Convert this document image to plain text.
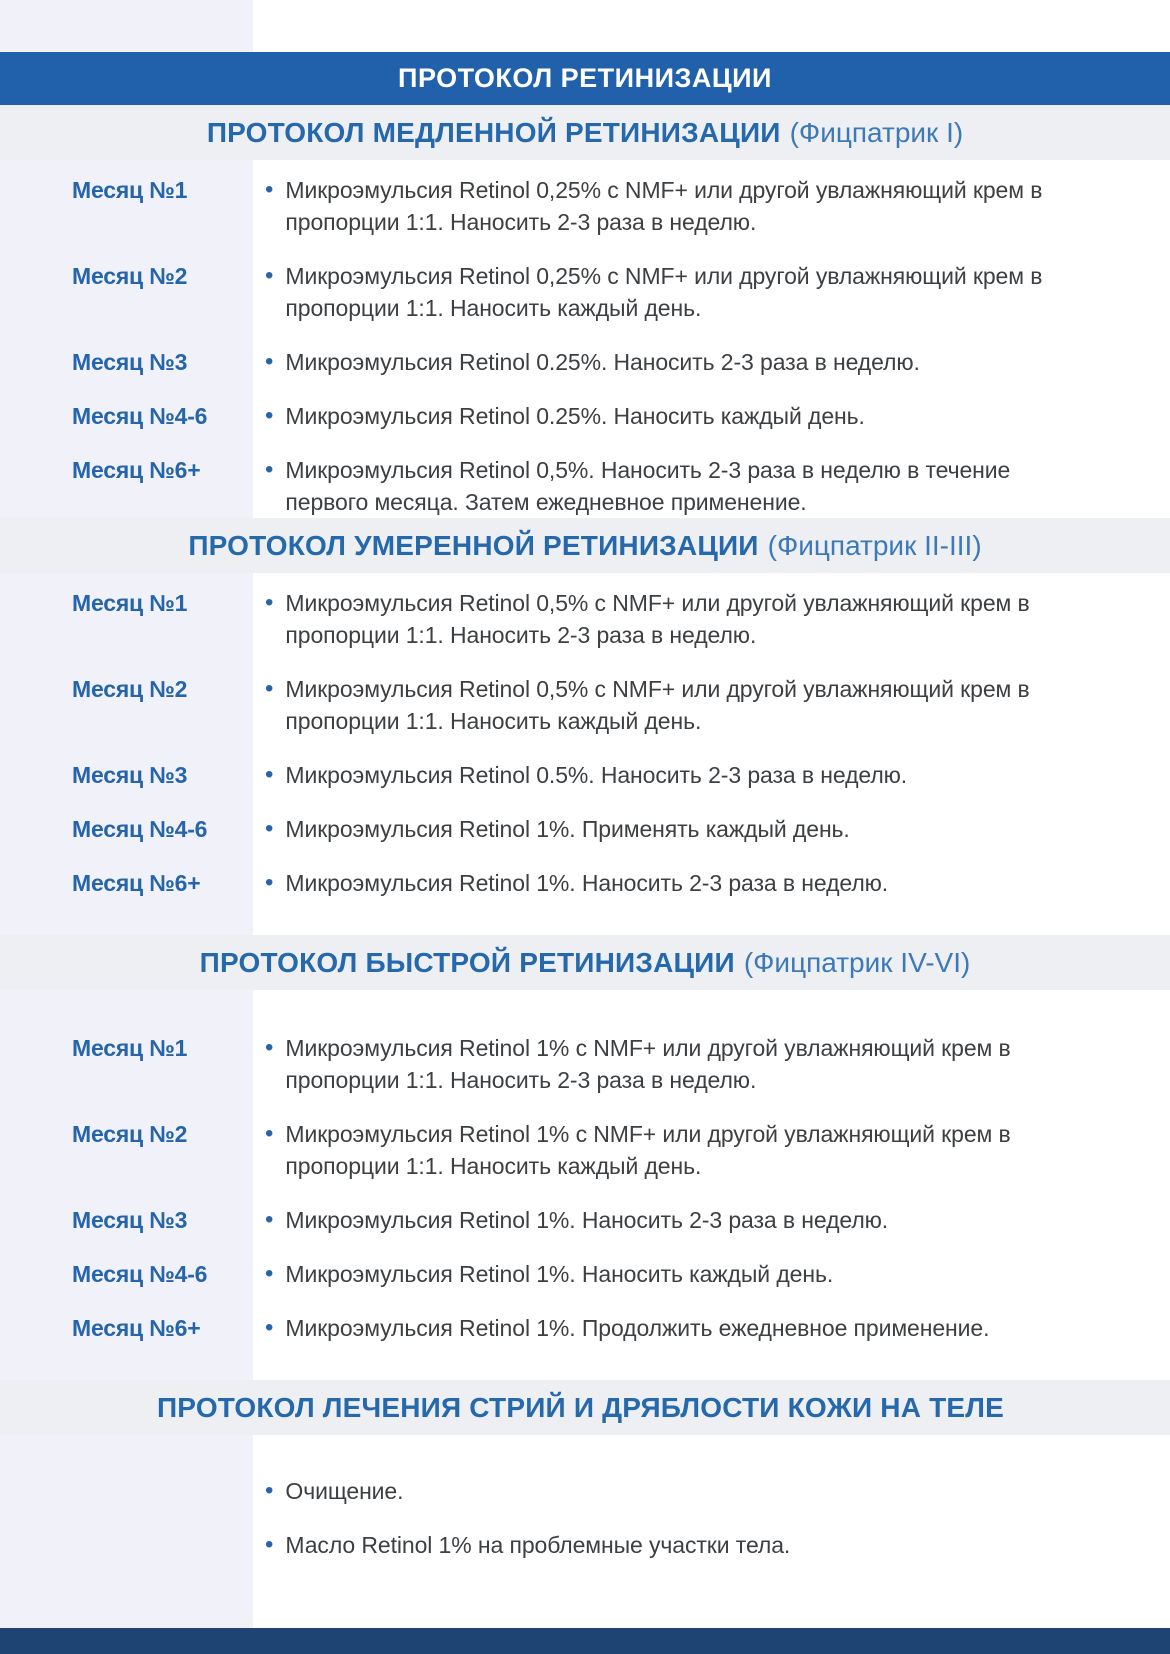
ПРОТОКОЛ РЕТИНИЗАЦИИ
ПРОТОКОЛ МЕДЛЕННОЙ РЕТИНИЗАЦИИ (Фицпатрик I)
Месяц №1	• Микроэмульсия Retinol 0,25% с NMF+ или другой увлажняющий крем в пропорции 1:1. Наносить 2-3 раза в неделю.

Месяц №2	• Микроэмульсия Retinol 0,25% с NMF+ или другой увлажняющий крем в пропорции 1:1. Наносить каждый день.

Месяц №3	• Микроэмульсия Retinol 0.25%. Наносить 2-3 раза в неделю.

Месяц №4-6	• Микроэмульсия Retinol 0.25%. Наносить каждый день.

Месяц №6+	• Микроэмульсия Retinol 0,5%. Наносить 2-3 раза в неделю в течение первого месяца. Затем ежедневное применение.

ПРОТОКОЛ УМЕРЕННОЙ РЕТИНИЗАЦИИ (Фицпатрик II-III)
Месяц №1	• Микроэмульсия Retinol 0,5% с NMF+ или другой увлажняющий крем в пропорции 1:1. Наносить 2-3 раза в неделю.

Месяц №2	• Микроэмульсия Retinol 0,5% с NMF+ или другой увлажняющий крем в пропорции 1:1. Наносить каждый день.

Месяц №3	• Микроэмульсия Retinol 0.5%. Наносить 2-3 раза в неделю.

Месяц №4-6	• Микроэмульсия Retinol 1%. Применять каждый день.

Месяц №6+	• Микроэмульсия Retinol 1%. Наносить 2-3 раза в неделю.

ПРОТОКОЛ БЫСТРОЙ РЕТИНИЗАЦИИ (Фицпатрик IV-VI)
Месяц №1	• Микроэмульсия Retinol 1% с NMF+ или другой увлажняющий крем в пропорции 1:1. Наносить 2-3 раза в неделю.

Месяц №2	• Микроэмульсия Retinol 1% с NMF+ или другой увлажняющий крем в пропорции 1:1. Наносить каждый день.

Месяц №3	• Микроэмульсия Retinol 1%. Наносить 2-3 раза в неделю.

Месяц №4-6	• Микроэмульсия Retinol 1%. Наносить каждый день.

Месяц №6+	• Микроэмульсия Retinol 1%. Продолжить ежедневное применение.

ПРОТОКОЛ ЛЕЧЕНИЯ СТРИЙ И ДРЯБЛОСТИ КОЖИ НА ТЕЛЕ
• Очищение.

• Масло Retinol 1% на проблемные участки тела.
